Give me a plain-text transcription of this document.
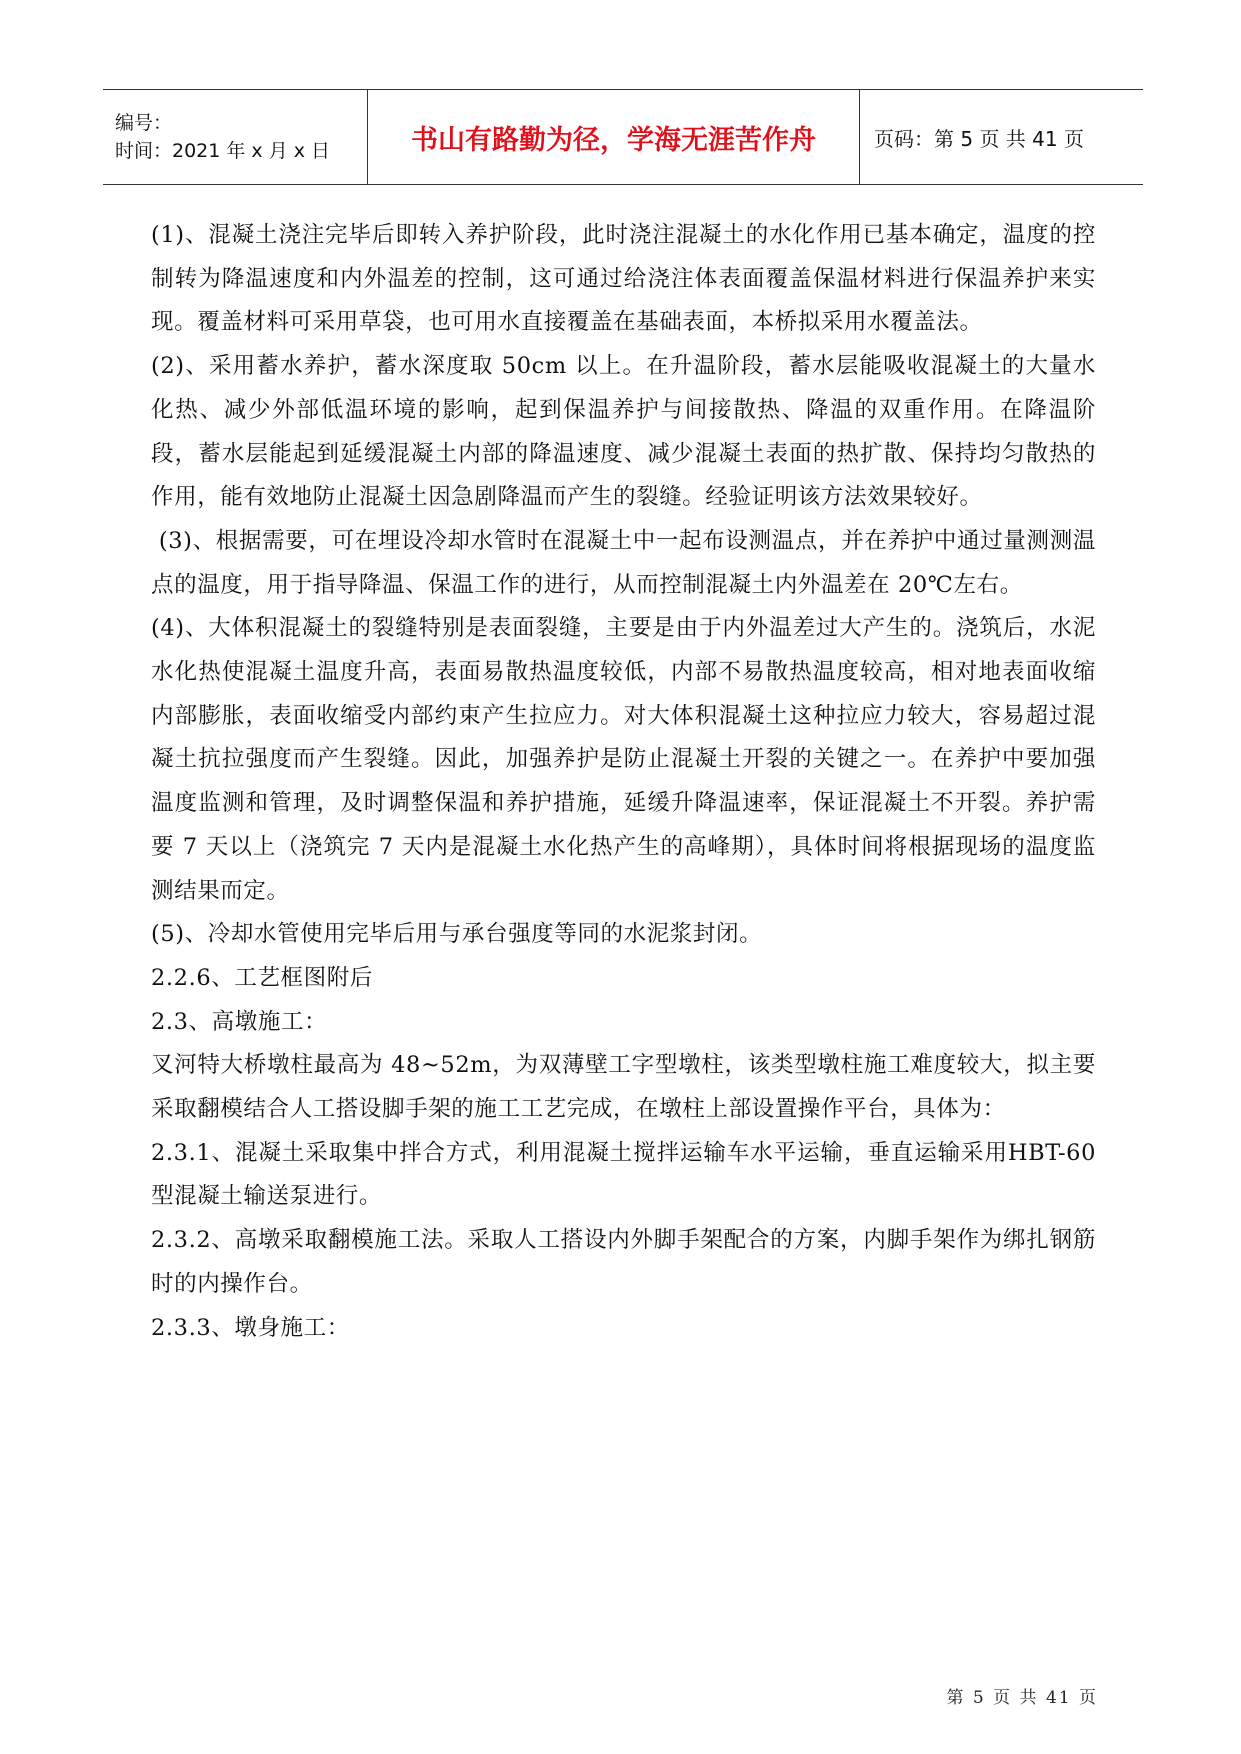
编号：
时间：2021 年 x 月 x 日	书山有路勤为径，学海无涯苦作舟	页码：第 5 页 共 41 页

(1)、混凝土浇注完毕后即转入养护阶段，此时浇注混凝土的水化作用已基本确定，温度的控制转为降温速度和内外温差的控制，这可通过给浇注体表面覆盖保温材料进行保温养护来实现。覆盖材料可采用草袋，也可用水直接覆盖在基础表面，本桥拟采用水覆盖法。

(2)、采用蓄水养护，蓄水深度取 50cm 以上。在升温阶段，蓄水层能吸收混凝土的大量水化热、减少外部低温环境的影响，起到保温养护与间接散热、降温的双重作用。在降温阶段，蓄水层能起到延缓混凝土内部的降温速度、减少混凝土表面的热扩散、保持均匀散热的作用，能有效地防止混凝土因急剧降温而产生的裂缝。经验证明该方法效果较好。

(3)、根据需要，可在埋设冷却水管时在混凝土中一起布设测温点，并在养护中通过量测测温点的温度，用于指导降温、保温工作的进行，从而控制混凝土内外温差在 20℃左右。

(4)、大体积混凝土的裂缝特别是表面裂缝，主要是由于内外温差过大产生的。浇筑后，水泥水化热使混凝土温度升高，表面易散热温度较低，内部不易散热温度较高，相对地表面收缩内部膨胀，表面收缩受内部约束产生拉应力。对大体积混凝土这种拉应力较大，容易超过混凝土抗拉强度而产生裂缝。因此，加强养护是防止混凝土开裂的关键之一。在养护中要加强温度监测和管理，及时调整保温和养护措施，延缓升降温速率，保证混凝土不开裂。养护需要 7 天以上（浇筑完 7 天内是混凝土水化热产生的高峰期），具体时间将根据现场的温度监测结果而定。

(5)、冷却水管使用完毕后用与承台强度等同的水泥浆封闭。

2.2.6、工艺框图附后

2.3、高墩施工：

叉河特大桥墩柱最高为 48~52m，为双薄壁工字型墩柱，该类型墩柱施工难度较大，拟主要采取翻模结合人工搭设脚手架的施工工艺完成，在墩柱上部设置操作平台，具体为：

2.3.1、混凝土采取集中拌合方式，利用混凝土搅拌运输车水平运输，垂直运输采用HBT-60 型混凝土输送泵进行。

2.3.2、高墩采取翻模施工法。采取人工搭设内外脚手架配合的方案，内脚手架作为绑扎钢筋时的内操作台。

2.3.3、墩身施工：

第 5 页 共 41 页
